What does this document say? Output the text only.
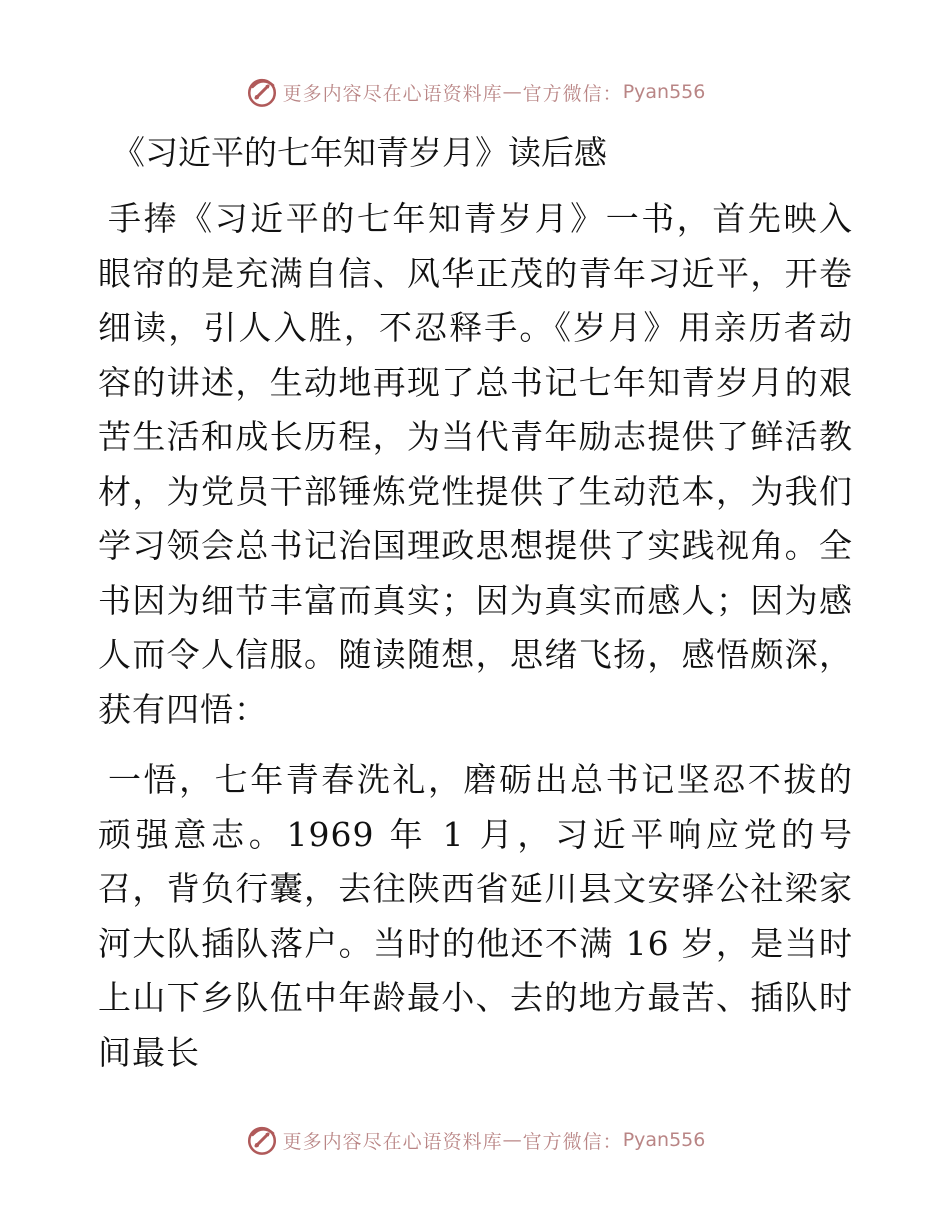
更多内容尽在心语资料库 — 官方微信： Pyan556
《习近平的七年知青岁月》读后感

手捧《习近平的七年知青岁月》一书，首先映入眼帘的是充满自信、风华正茂的青年习近平，开卷细读，引人入胜，不忍释手。《岁月》用亲历者动容的讲述，生动地再现了总书记七年知青岁月的艰苦生活和成长历程，为当代青年励志提供了鲜活教材，为党员干部锤炼党性提供了生动范本，为我们学习领会总书记治国理政思想提供了实践视角。全书因为细节丰富而真实；因为真实而感人；因为感人而令人信服。随读随想，思绪飞扬，感悟颇深，获有四悟：

一悟，七年青春洗礼，磨砺出总书记坚忍不拔的顽强意志。1969 年 1 月，习近平响应党的号召，背负行囊，去往陕西省延川县文安驿公社梁家河大队插队落户。当时的他还不满 16 岁，是当时上山下乡队伍中年龄最小、去的地方最苦、插队时间最长

更多内容尽在心语资料库 — 官方微信： Pyan556
